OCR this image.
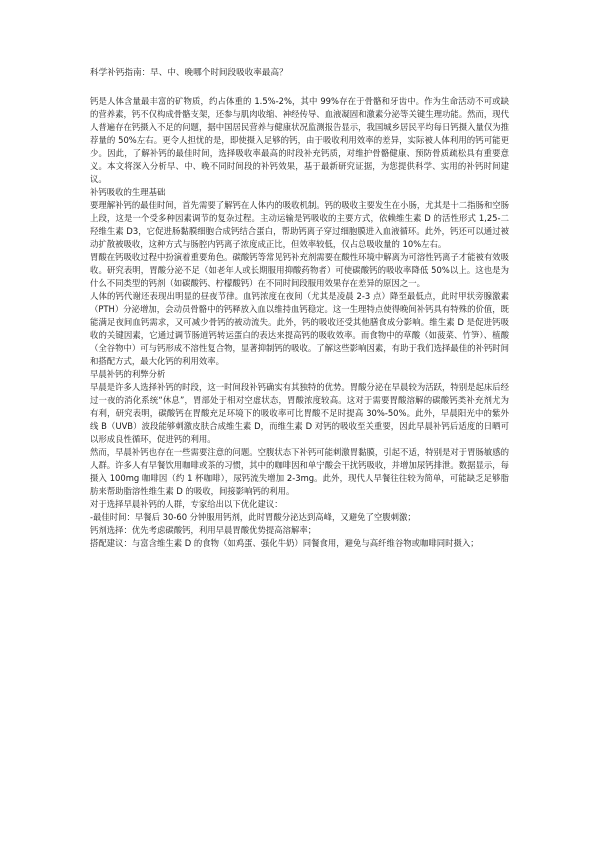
科学补钙指南：早、中、晚哪个时间段吸收率最高？
钙是人体含量最丰富的矿物质，约占体重的 1.5%-2%，其中 99%存在于骨骼和牙齿中。作为生命活动不可或缺的营养素，钙不仅构成骨骼支架，还参与肌肉收缩、神经传导、血液凝固和激素分泌等关键生理功能。然而，现代人普遍存在钙摄入不足的问题，据中国居民营养与健康状况监测报告显示，我国城乡居民平均每日钙摄入量仅为推荐量的 50%左右。更令人担忧的是，即使摄入足够的钙，由于吸收利用效率的差异，实际被人体利用的钙可能更少。因此，了解补钙的最佳时间，选择吸收率最高的时段补充钙质，对维护骨骼健康、预防骨质疏松具有重要意义。本文将深入分析早、中、晚不同时间段的补钙效果，基于最新研究证据，为您提供科学、实用的补钙时间建议。
补钙吸收的生理基础
要理解补钙的最佳时间，首先需要了解钙在人体内的吸收机制。钙的吸收主要发生在小肠，尤其是十二指肠和空肠上段，这是一个受多种因素调节的复杂过程。主动运输是钙吸收的主要方式，依赖维生素 D 的活性形式 1,25-二羟维生素 D3，它促进肠黏膜细胞合成钙结合蛋白，帮助钙离子穿过细胞膜进入血液循环。此外，钙还可以通过被动扩散被吸收，这种方式与肠腔内钙离子浓度成正比，但效率较低，仅占总吸收量的 10%左右。
胃酸在钙吸收过程中扮演着重要角色。碳酸钙等常见钙补充剂需要在酸性环境中解离为可溶性钙离子才能被有效吸收。研究表明，胃酸分泌不足（如老年人或长期服用抑酸药物者）可使碳酸钙的吸收率降低 50%以上。这也是为什么不同类型的钙剂（如碳酸钙、柠檬酸钙）在不同时间段服用效果存在差异的原因之一。
人体的钙代谢还表现出明显的昼夜节律。血钙浓度在夜间（尤其是凌晨 2-3 点）降至最低点，此时甲状旁腺激素（PTH）分泌增加，会动员骨骼中的钙释放入血以维持血钙稳定。这一生理特点使得晚间补钙具有特殊的价值，既能满足夜间血钙需求，又可减少骨钙的被动流失。此外，钙的吸收还受其他膳食成分影响。维生素 D 是促进钙吸收的关键因素，它通过调节肠道钙转运蛋白的表达来提高钙的吸收效率。而食物中的草酸（如菠菜、竹笋）、植酸（全谷物中）可与钙形成不溶性复合物，显著抑制钙的吸收。了解这些影响因素，有助于我们选择最佳的补钙时间和搭配方式，最大化钙的利用效率。
早晨补钙的利弊分析
早晨是许多人选择补钙的时段，这一时间段补钙确实有其独特的优势。胃酸分泌在早晨较为活跃，特别是起床后经过一夜的消化系统“休息”，胃部处于相对空虚状态，胃酸浓度较高。这对于需要胃酸溶解的碳酸钙类补充剂尤为有利，研究表明，碳酸钙在胃酸充足环境下的吸收率可比胃酸不足时提高 30%-50%。此外，早晨阳光中的紫外线 B（UVB）波段能够刺激皮肤合成维生素 D，而维生素 D 对钙的吸收至关重要，因此早晨补钙后适度的日晒可以形成良性循环，促进钙的利用。
然而，早晨补钙也存在一些需要注意的问题。空腹状态下补钙可能刺激胃黏膜，引起不适，特别是对于胃肠敏感的人群。许多人有早餐饮用咖啡或茶的习惯，其中的咖啡因和单宁酸会干扰钙吸收，并增加尿钙排泄。数据显示，每摄入 100mg 咖啡因（约 1 杯咖啡），尿钙流失增加 2-3mg。此外，现代人早餐往往较为简单，可能缺乏足够脂肪来帮助脂溶性维生素 D 的吸收，间接影响钙的利用。
对于选择早晨补钙的人群，专家给出以下优化建议：
-最佳时间：早餐后 30-60 分钟服用钙剂，此时胃酸分泌达到高峰，又避免了空腹刺激；
钙剂选择：优先考虑碳酸钙，利用早晨胃酸优势提高溶解率；
搭配建议：与富含维生素 D 的食物（如鸡蛋、强化牛奶）同餐食用，避免与高纤维谷物或咖啡同时摄入；
